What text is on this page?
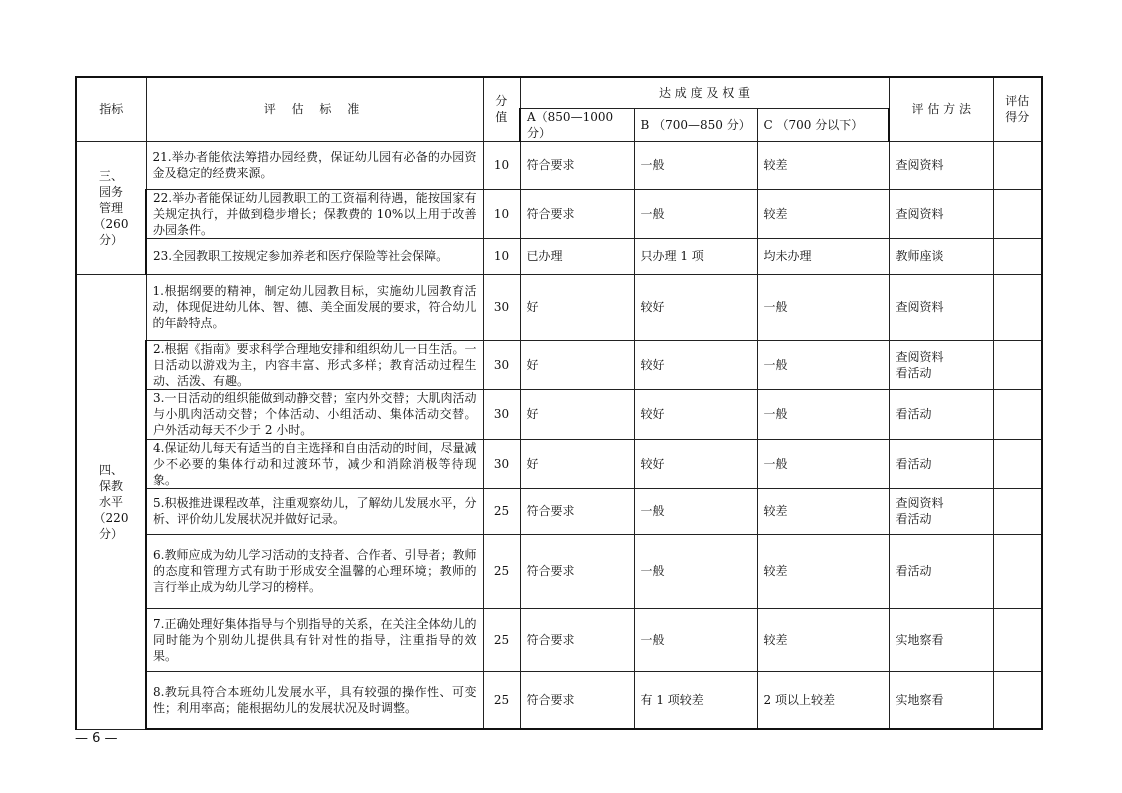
指标	评 估 标 准	分
值	达 成 度 及 权 重			评 估 方 法	评估
得分

			A（850—1000 分）	B （700—850 分）	C （700 分以下）		

三、
园务
管理
（260 分）	21.举办者能依法筹措办园经费，保证幼儿园有必备的办园资金及稳定的经费来源。	10	符合要求	一般	较差	查阅资料	

	22.举办者能保证幼儿园教职工的工资福利待遇，能按国家有关规定执行，并做到稳步增长；保教费的 10%以上用于改善办园条件。	10	符合要求	一般	较差	查阅资料	

	23.全园教职工按规定参加养老和医疗保险等社会保障。	10	已办理	只办理 1 项	均未办理	教师座谈	

四、
保教
水平
（220 分）	1.根据纲要的精神，制定幼儿园教目标，实施幼儿园教育活动，体现促进幼儿体、智、德、美全面发展的要求，符合幼儿的年龄特点。	30	好	较好	一般	查阅资料	

	2.根据《指南》要求科学合理地安排和组织幼儿一日生活。一日活动以游戏为主，内容丰富、形式多样；教育活动过程生动、活泼、有趣。	30	好	较好	一般	查阅资料
看活动	

	3.一日活动的组织能做到动静交替；室内外交替；大肌肉活动与小肌肉活动交替；个体活动、小组活动、集体活动交替。户外活动每天不少于 2 小时。	30	好	较好	一般	看活动	

	4.保证幼儿每天有适当的自主选择和自由活动的时间，尽量减少不必要的集体行动和过渡环节，减少和消除消极等待现象。	30	好	较好	一般	看活动	

	5.积极推进课程改革，注重观察幼儿，了解幼儿发展水平，分析、评价幼儿发展状况并做好记录。	25	符合要求	一般	较差	查阅资料
看活动	

	6.教师应成为幼儿学习活动的支持者、合作者、引导者；教师的态度和管理方式有助于形成安全温馨的心理环境；教师的言行举止成为幼儿学习的榜样。	25	符合要求	一般	较差	看活动	

	7.正确处理好集体指导与个别指导的关系，在关注全体幼儿的同时能为个别幼儿提供具有针对性的指导，注重指导的效果。	25	符合要求	一般	较差	实地察看	

	8.教玩具符合本班幼儿发展水平，具有较强的操作性、可变性；利用率高；能根据幼儿的发展状况及时调整。	25	符合要求	有 1 项较差	2 项以上较差	实地察看	

— 6 —
